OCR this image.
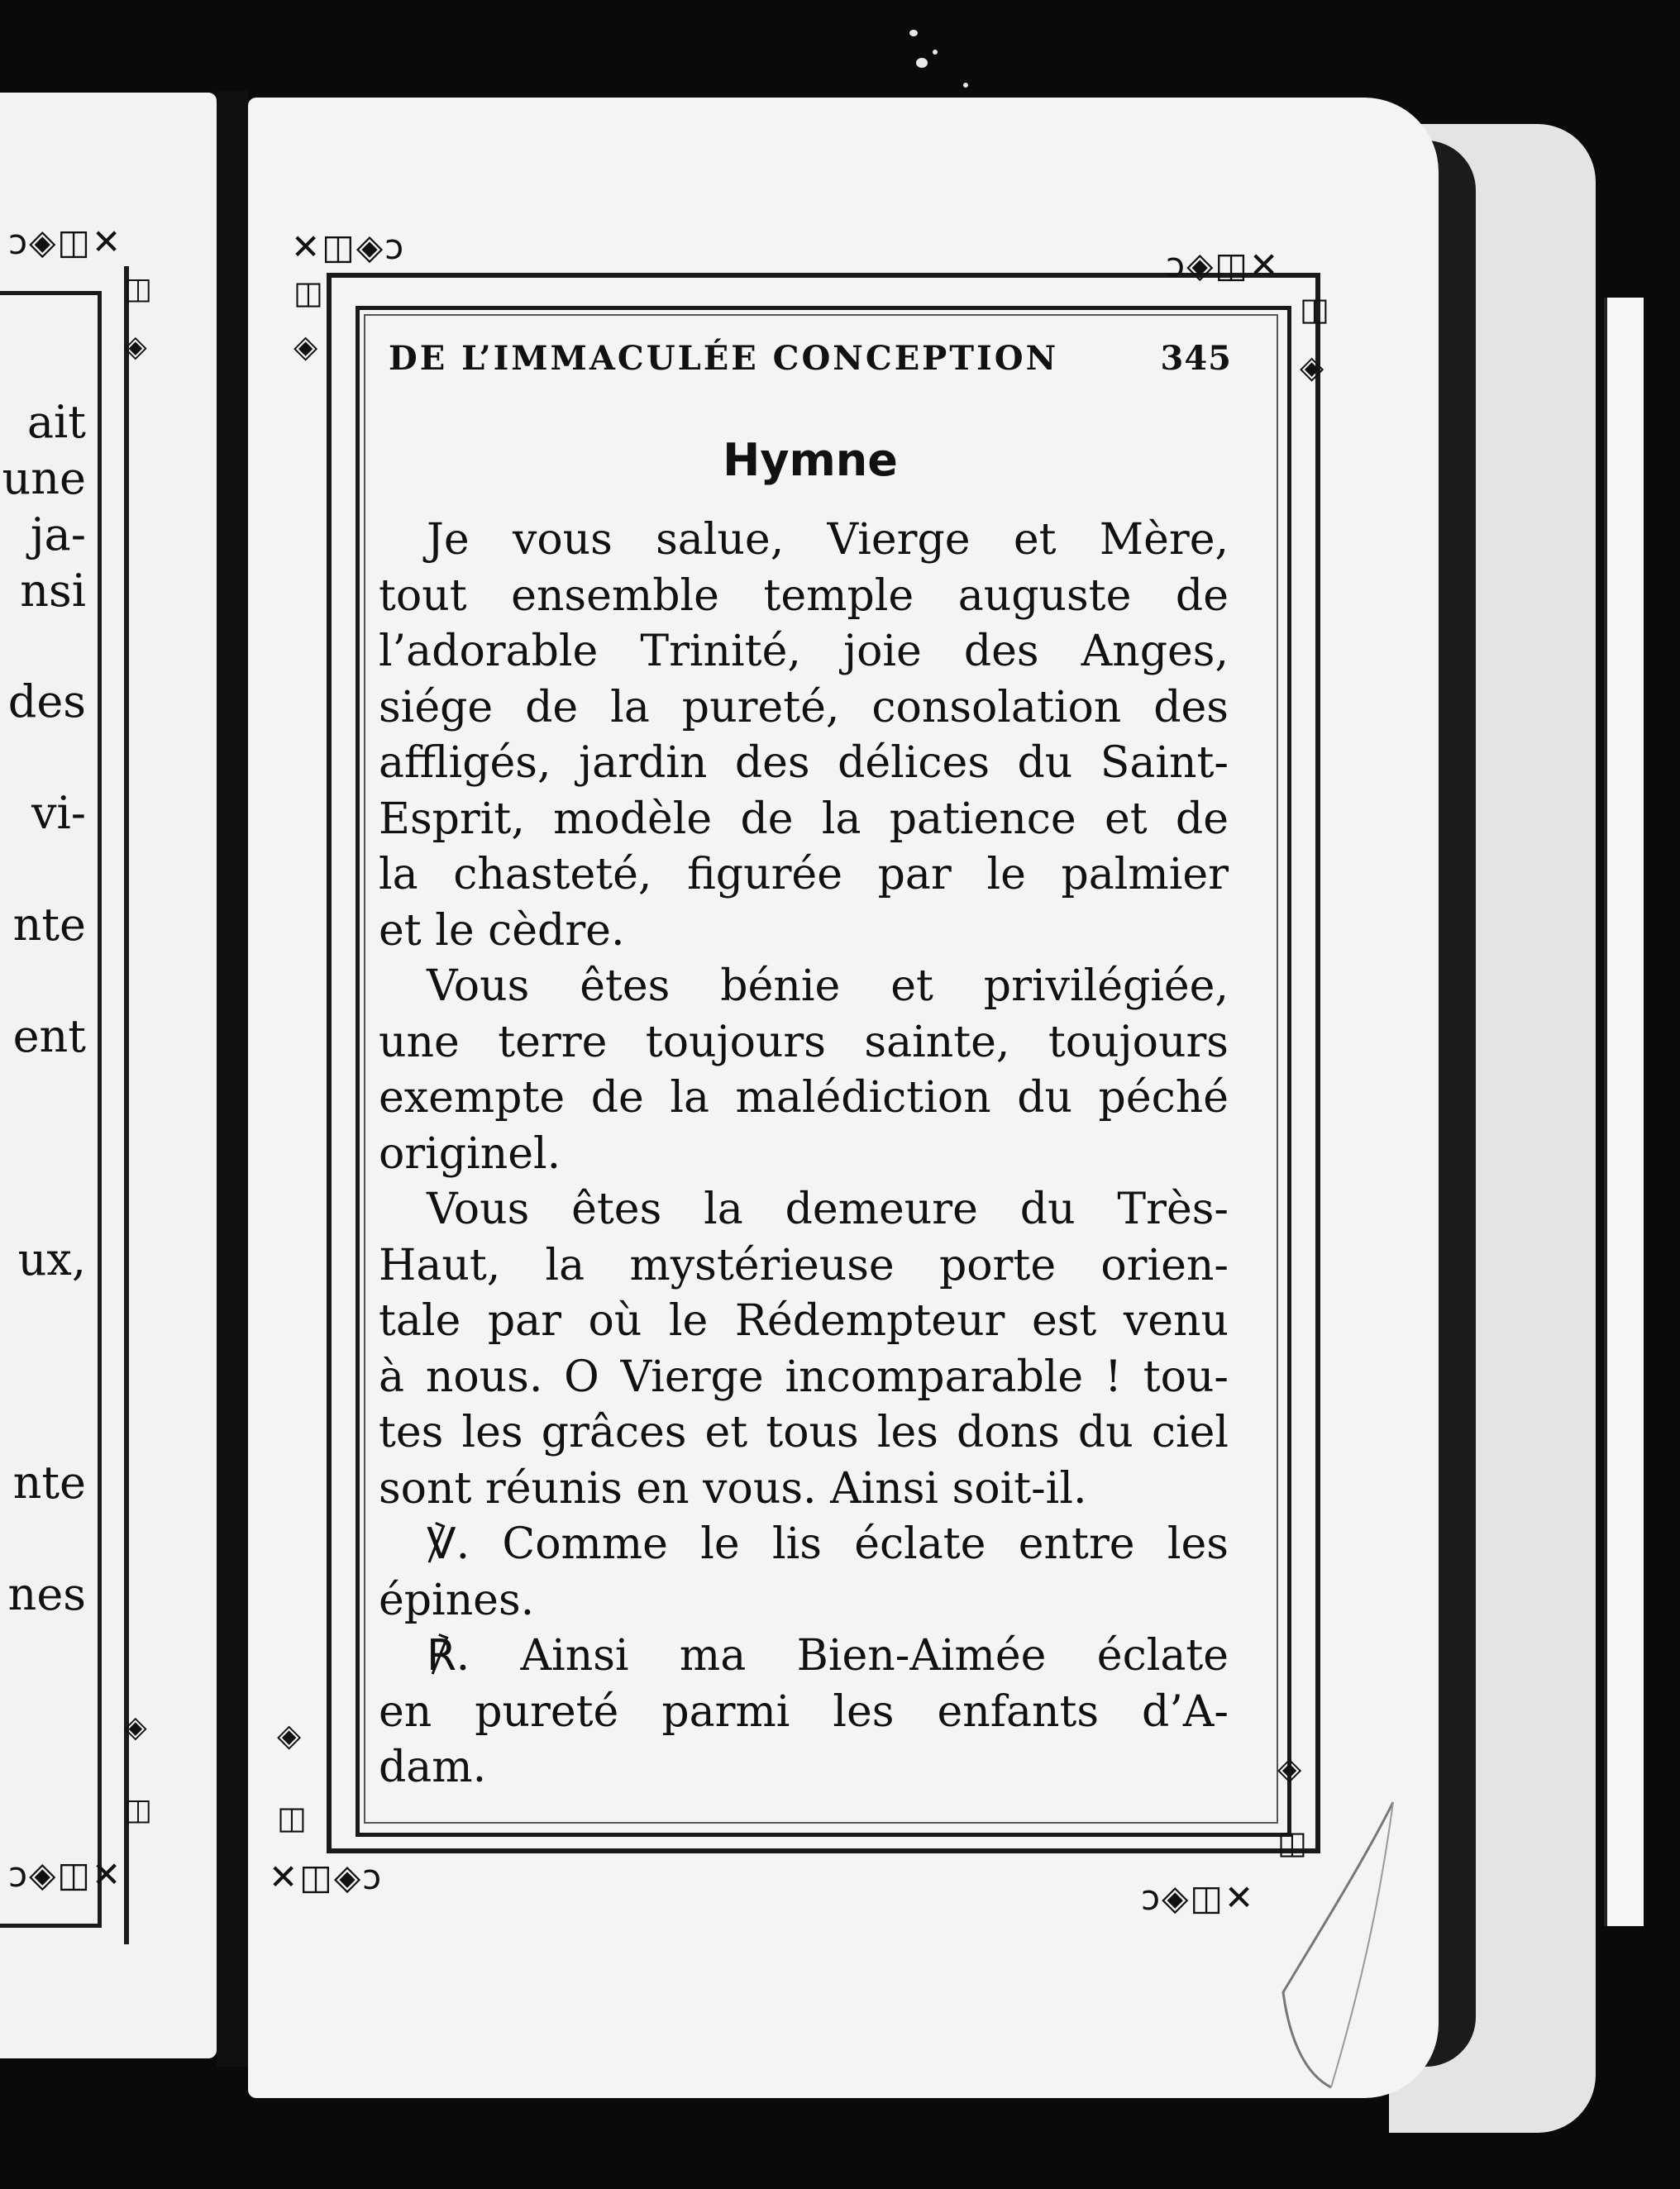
ↄ◈◫✕
◫
◈
◈
◫
ↄ◈◫✕
ait
une
ja-
nsi
des
vi-
nte
ent
ux,
nte
nes
✕◫◈ↄ
◫
◈
ↄ◈◫✕
◫
◈
◈
◫
✕◫◈ↄ
◈
◫
ↄ◈◫✕
DE L’IMMACULÉE CONCEPTION	345
Hymne
Je vous salue, Vierge et Mère,
tout ensemble temple auguste de
l’adorable Trinité, joie des Anges,
siége de la pureté, consolation des
affligés, jardin des délices du Saint-
Esprit, modèle de la patience et de
la chasteté, figurée par le palmier
et le cèdre.
Vous êtes bénie et privilégiée,
une terre toujours sainte, toujours
exempte de la malédiction du péché
originel.
Vous êtes la demeure du Très-
Haut, la mystérieuse porte orien-
tale par où le Rédempteur est venu
à nous. O Vierge incomparable ! tou-
tes les grâces et tous les dons du ciel
sont réunis en vous. Ainsi soit-il.
℣. Comme le lis éclate entre les
épines.
℟. Ainsi ma Bien-Aimée éclate
en pureté parmi les enfants d’A-
dam.
